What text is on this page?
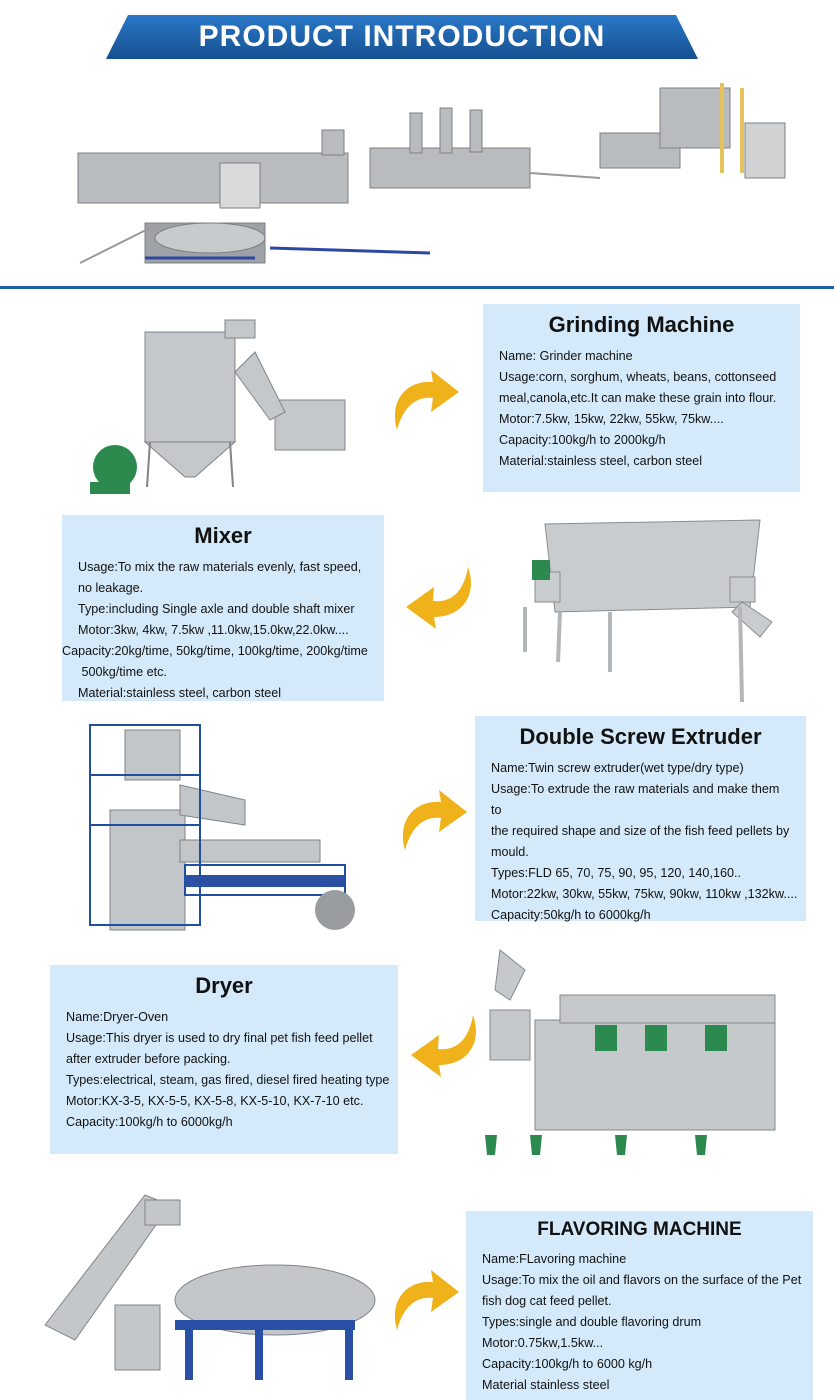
PRODUCT INTRODUCTION
Grinding Machine

Name: Grinder machine

Usage:corn, sorghum, wheats, beans, cottonseed

meal,canola,etc.It can make these grain into flour.

Motor:7.5kw, 15kw, 22kw, 55kw, 75kw....

Capacity:100kg/h to 2000kg/h

Material:stainless steel, carbon steel

Mixer

Usage:To mix the raw materials evenly, fast speed,

no leakage.

Type:including Single axle and double shaft mixer

Motor:3kw, 4kw, 7.5kw ,11.0kw,15.0kw,22.0kw....

Capacity:20kg/time, 50kg/time, 100kg/time, 200kg/time

500kg/time etc.

Material:stainless steel, carbon steel

Double Screw Extruder

Name:Twin screw extruder(wet type/dry type)

Usage:To extrude the raw materials and make them to

the required shape and size of the fish feed pellets by

mould.

Types:FLD 65, 70, 75, 90, 95, 120, 140,160..

Motor:22kw, 30kw, 55kw, 75kw, 90kw, 110kw ,132kw....

Capacity:50kg/h to 6000kg/h

Dryer

Name:Dryer-Oven

Usage:This dryer is used to dry final pet fish feed pellet

after extruder before packing.

Types:electrical, steam, gas fired, diesel fired heating type

Motor:KX-3-5, KX-5-5, KX-5-8, KX-5-10, KX-7-10 etc.

Capacity:100kg/h to 6000kg/h

FLAVORING MACHINE

Name:FLavoring machine

Usage:To mix the oil and flavors on the surface of the Pet

fish dog cat feed pellet.

Types:single and double flavoring drum

Motor:0.75kw,1.5kw...

Capacity:100kg/h to 6000 kg/h

Material stainless steel
